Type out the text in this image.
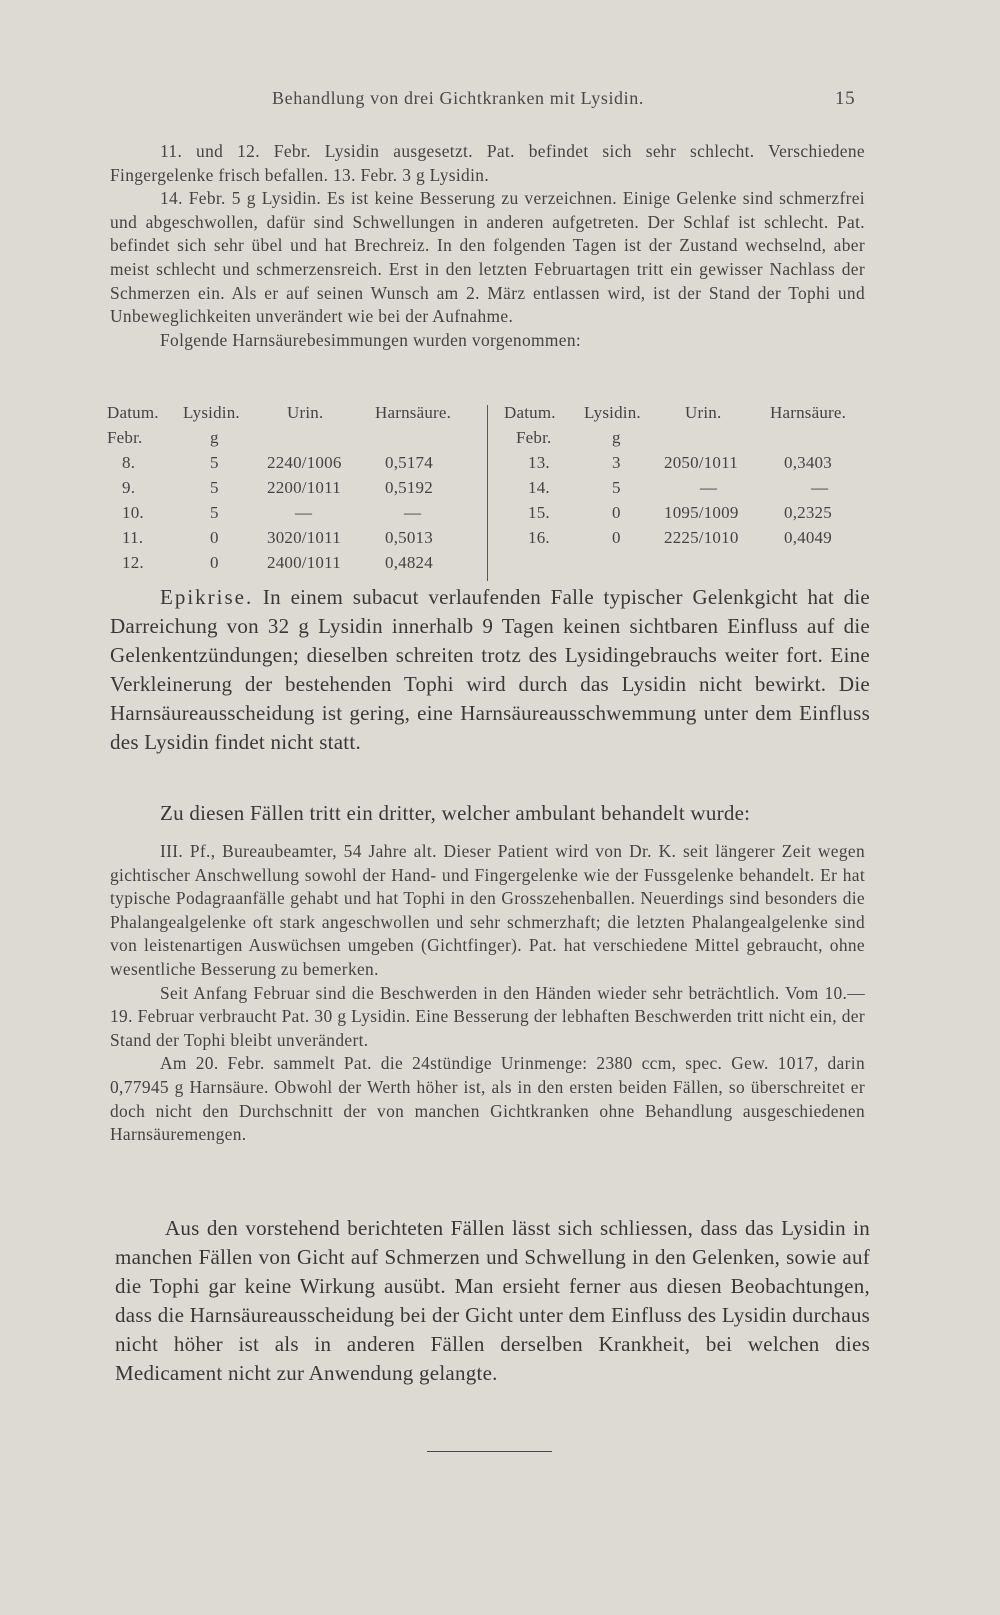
Behandlung von drei Gichtkranken mit Lysidin.	15

11. und 12. Febr. Lysidin ausgesetzt. Pat. befindet sich sehr schlecht. Verschiedene Fingergelenke frisch befallen. 13. Febr. 3 g Lysidin.

14. Febr. 5 g Lysidin. Es ist keine Besserung zu verzeichnen. Einige Gelenke sind schmerzfrei und abgeschwollen, dafür sind Schwellungen in anderen aufgetreten. Der Schlaf ist schlecht. Pat. befindet sich sehr übel und hat Brechreiz. In den folgenden Tagen ist der Zustand wechselnd, aber meist schlecht und schmerzensreich. Erst in den letzten Februartagen tritt ein gewisser Nachlass der Schmerzen ein. Als er auf seinen Wunsch am 2. März entlassen wird, ist der Stand der Tophi und Unbeweglichkeiten unverändert wie bei der Aufnahme.

Folgende Harnsäurebesimmungen wurden vorgenommen:

Datum. Lysidin.	Urin.	Harnsäure.
Febr.	g
8.	5	2240/1006	0,5174
9.	5	2200/1011	0,5192
10.	5	—	—
11.	0	3020/1011	0,5013
12.	0	2400/1011	0,4824
Datum. Lysidin.	Urin.	Harnsäure.
Febr.	g
13.	3	2050/1011	0,3403
14.	5	—	—
15.	0	1095/1009	0,2325
16.	0	2225/1010	0,4049

Epikrise. In einem subacut verlaufenden Falle typischer Gelenkgicht hat die Darreichung von 32 g Lysidin innerhalb 9 Tagen keinen sichtbaren Einfluss auf die Gelenkentzündungen; dieselben schreiten trotz des Lysidingebrauchs weiter fort. Eine Verkleinerung der bestehenden Tophi wird durch das Lysidin nicht bewirkt. Die Harnsäureausscheidung ist gering, eine Harnsäureausschwemmung unter dem Einfluss des Lysidin findet nicht statt.

Zu diesen Fällen tritt ein dritter, welcher ambulant behandelt wurde:

III. Pf., Bureaubeamter, 54 Jahre alt. Dieser Patient wird von Dr. K. seit längerer Zeit wegen gichtischer Anschwellung sowohl der Hand- und Fingergelenke wie der Fussgelenke behandelt. Er hat typische Podagraanfälle gehabt und hat Tophi in den Grosszehenballen. Neuerdings sind besonders die Phalangealgelenke oft stark angeschwollen und sehr schmerzhaft; die letzten Phalangealgelenke sind von leistenartigen Auswüchsen umgeben (Gichtfinger). Pat. hat verschiedene Mittel gebraucht, ohne wesentliche Besserung zu bemerken.

Seit Anfang Februar sind die Beschwerden in den Händen wieder sehr beträchtlich. Vom 10.—19. Februar verbraucht Pat. 30 g Lysidin. Eine Besserung der lebhaften Beschwerden tritt nicht ein, der Stand der Tophi bleibt unverändert.

Am 20. Febr. sammelt Pat. die 24stündige Urinmenge: 2380 ccm, spec. Gew. 1017, darin 0,77945 g Harnsäure. Obwohl der Werth höher ist, als in den ersten beiden Fällen, so überschreitet er doch nicht den Durchschnitt der von manchen Gichtkranken ohne Behandlung ausgeschiedenen Harnsäuremengen.

Aus den vorstehend berichteten Fällen lässt sich schliessen, dass das Lysidin in manchen Fällen von Gicht auf Schmerzen und Schwellung in den Gelenken, sowie auf die Tophi gar keine Wirkung ausübt. Man ersieht ferner aus diesen Beobachtungen, dass die Harnsäureausscheidung bei der Gicht unter dem Einfluss des Lysidin durchaus nicht höher ist als in anderen Fällen derselben Krankheit, bei welchen dies Medicament nicht zur Anwendung gelangte.
